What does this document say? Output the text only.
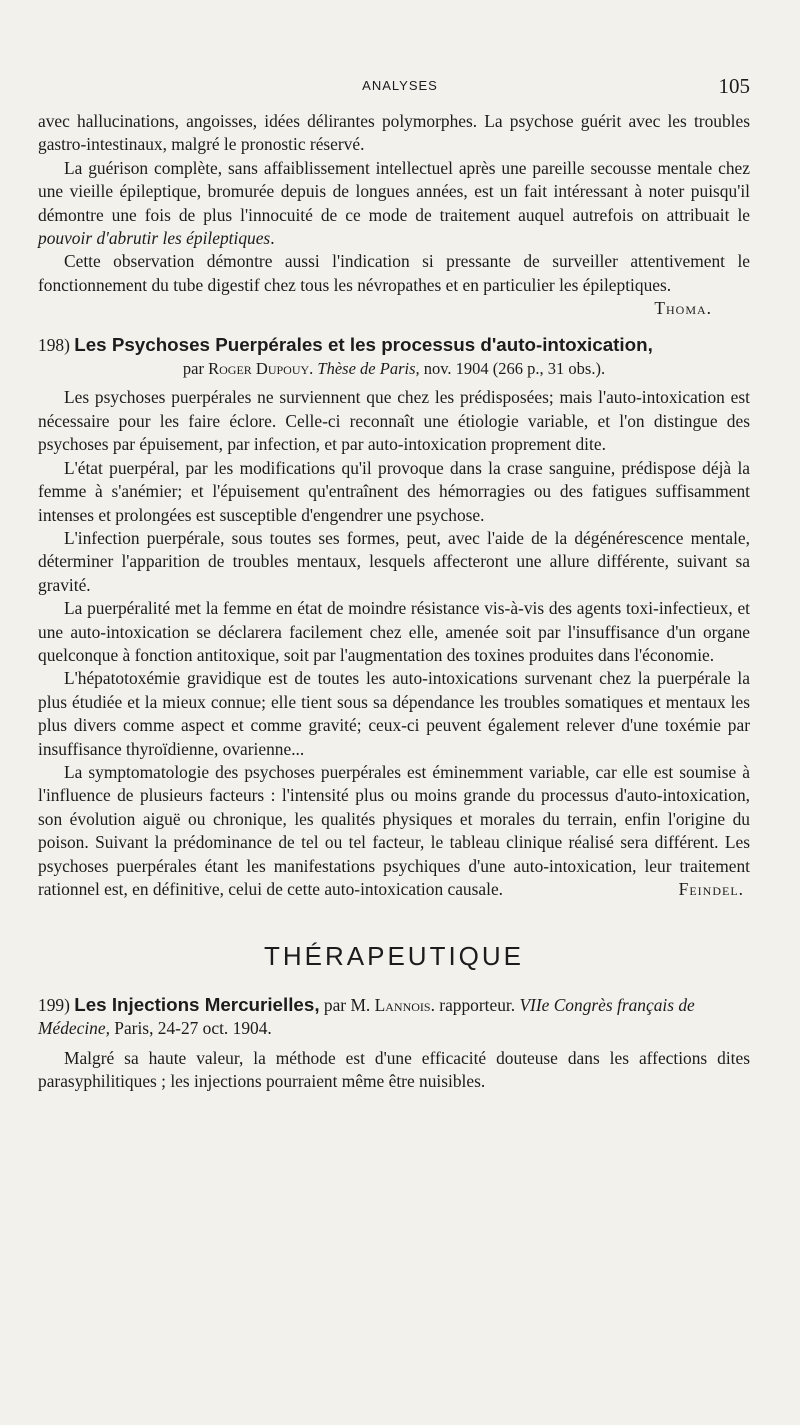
ANALYSES	105

avec hallucinations, angoisses, idées délirantes polymorphes. La psychose guérit avec les troubles gastro-intestinaux, malgré le pronostic réservé.

La guérison complète, sans affaiblissement intellectuel après une pareille secousse mentale chez une vieille épileptique, bromurée depuis de longues années, est un fait intéressant à noter puisqu'il démontre une fois de plus l'innocuité de ce mode de traitement auquel autrefois on attribuait le pouvoir d'abrutir les épileptiques.

Cette observation démontre aussi l'indication si pressante de surveiller attentivement le fonctionnement du tube digestif chez tous les névropathes et en particulier les épileptiques.
Thoma.

198) Les Psychoses Puerpérales et les processus d'auto-intoxication,
par Roger Dupouy. Thèse de Paris, nov. 1904 (266 p., 31 obs.).

Les psychoses puerpérales ne surviennent que chez les prédisposées; mais l'auto-intoxication est nécessaire pour les faire éclore. Celle-ci reconnaît une étiologie variable, et l'on distingue des psychoses par épuisement, par infection, et par auto-intoxication proprement dite.

L'état puerpéral, par les modifications qu'il provoque dans la crase sanguine, prédispose déjà la femme à s'anémier; et l'épuisement qu'entraînent des hémorragies ou des fatigues suffisamment intenses et prolongées est susceptible d'engendrer une psychose.

L'infection puerpérale, sous toutes ses formes, peut, avec l'aide de la dégénérescence mentale, déterminer l'apparition de troubles mentaux, lesquels affecteront une allure différente, suivant sa gravité.

La puerpéralité met la femme en état de moindre résistance vis-à-vis des agents toxi-infectieux, et une auto-intoxication se déclarera facilement chez elle, amenée soit par l'insuffisance d'un organe quelconque à fonction antitoxique, soit par l'augmentation des toxines produites dans l'économie.

L'hépatotoxémie gravidique est de toutes les auto-intoxications survenant chez la puerpérale la plus étudiée et la mieux connue; elle tient sous sa dépendance les troubles somatiques et mentaux les plus divers comme aspect et comme gravité; ceux-ci peuvent également relever d'une toxémie par insuffisance thyroïdienne, ovarienne...

La symptomatologie des psychoses puerpérales est éminemment variable, car elle est soumise à l'influence de plusieurs facteurs : l'intensité plus ou moins grande du processus d'auto-intoxication, son évolution aiguë ou chronique, les qualités physiques et morales du terrain, enfin l'origine du poison. Suivant la prédominance de tel ou tel facteur, le tableau clinique réalisé sera différent. Les psychoses puerpérales étant les manifestations psychiques d'une auto-intoxication, leur traitement rationnel est, en définitive, celui de cette auto-intoxication causale.	Feindel.

THÉRAPEUTIQUE
199) Les Injections Mercurielles, par M. Lannois. rapporteur. VIIe Congrès français de Médecine, Paris, 24-27 oct. 1904.

Malgré sa haute valeur, la méthode est d'une efficacité douteuse dans les affections dites parasyphilitiques ; les injections pourraient même être nuisibles.
